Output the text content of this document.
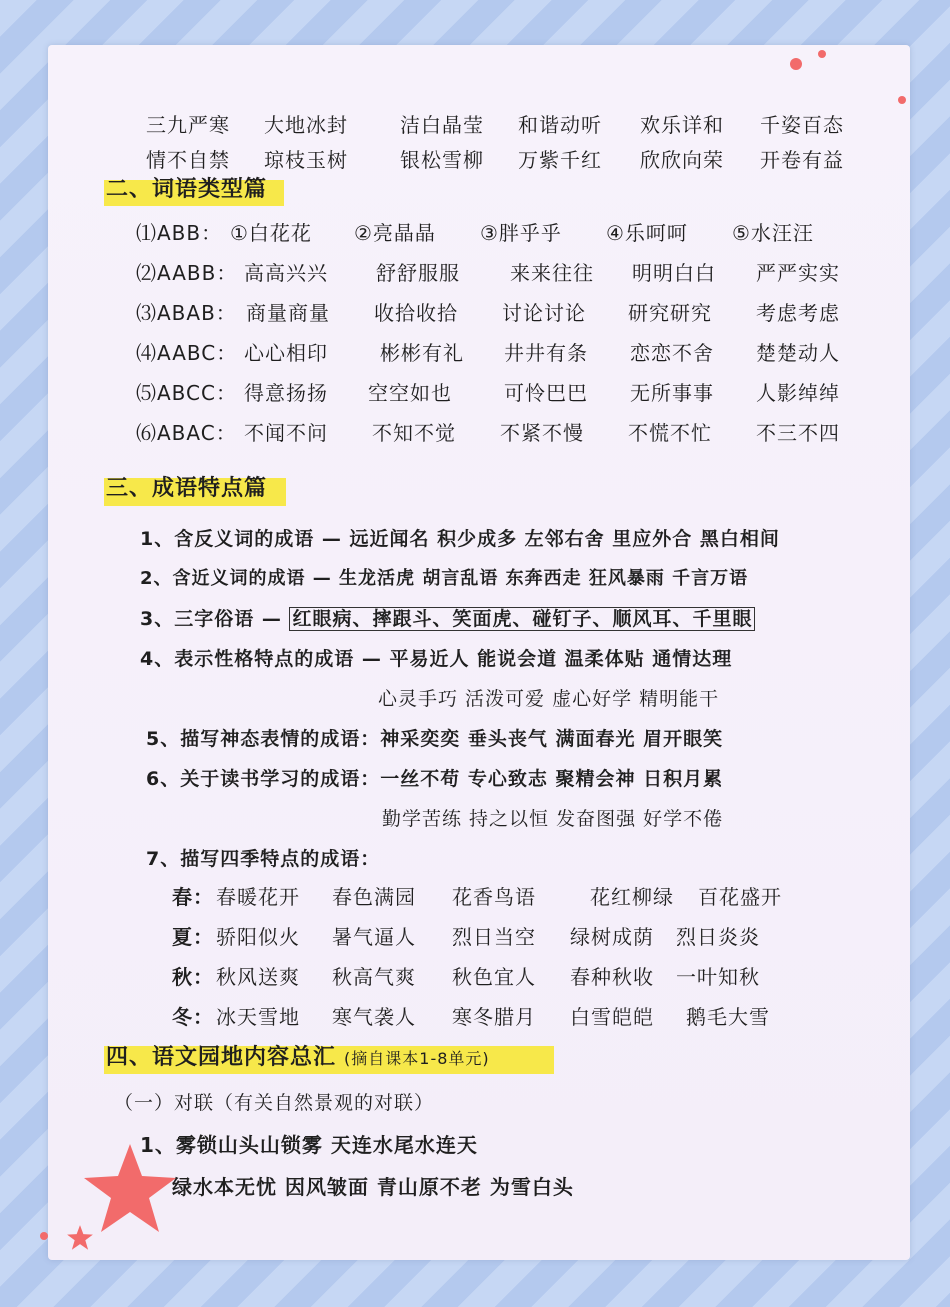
三九严寒 大地冰封	洁白晶莹 和谐动听 欢乐详和 千姿百态
情不自禁 琼枝玉树	银松雪柳 万紫千红 欣欣向荣 开卷有益
二、词语类型篇
⑴ABB： ①白花花 ②亮晶晶 ③胖乎乎 ④乐呵呵 ⑤水汪汪
⑵AABB： 高高兴兴 舒舒服服	来来往往 明明白白 严严实实
⑶ABAB： 商量商量 收拾收拾 讨论讨论 研究研究 考虑考虑
⑷AABC： 心心相印	彬彬有礼 井井有条 恋恋不舍 楚楚动人
⑸ABCC： 得意扬扬 空空如也	可怜巴巴 无所事事 人影绰绰
⑹ABAC： 不闻不问 不知不觉 不紧不慢 不慌不忙 不三不四
三、成语特点篇
1、含反义词的成语 — 远近闻名 积少成多 左邻右舍 里应外合 黑白相间
2、含近义词的成语 — 生龙活虎 胡言乱语 东奔西走 狂风暴雨 千言万语
3、三字俗语 — 红眼病、摔跟斗、笑面虎、碰钉子、顺风耳、千里眼
4、表示性格特点的成语 — 平易近人 能说会道 温柔体贴 通情达理
心灵手巧 活泼可爱 虚心好学 精明能干
5、描写神态表情的成语：神采奕奕 垂头丧气 满面春光 眉开眼笑
6、关于读书学习的成语：一丝不苟 专心致志 聚精会神 日积月累
勤学苦练 持之以恒 发奋图强 好学不倦
7、描写四季特点的成语：
春： 春暖花开 春色满园 花香鸟语	花红柳绿 百花盛开
夏： 骄阳似火 暑气逼人 烈日当空 绿树成荫 烈日炎炎
秋： 秋风送爽 秋高气爽 秋色宜人 春种秋收 一叶知秋
冬： 冰天雪地 寒气袭人 寒冬腊月 白雪皑皑 鹅毛大雪
四、语文园地内容总汇 (摘自课本1-8单元)
（一）对联（有关自然景观的对联）
1、雾锁山头山锁雾 天连水尾水连天
绿水本无忧 因风皱面 青山原不老 为雪白头
